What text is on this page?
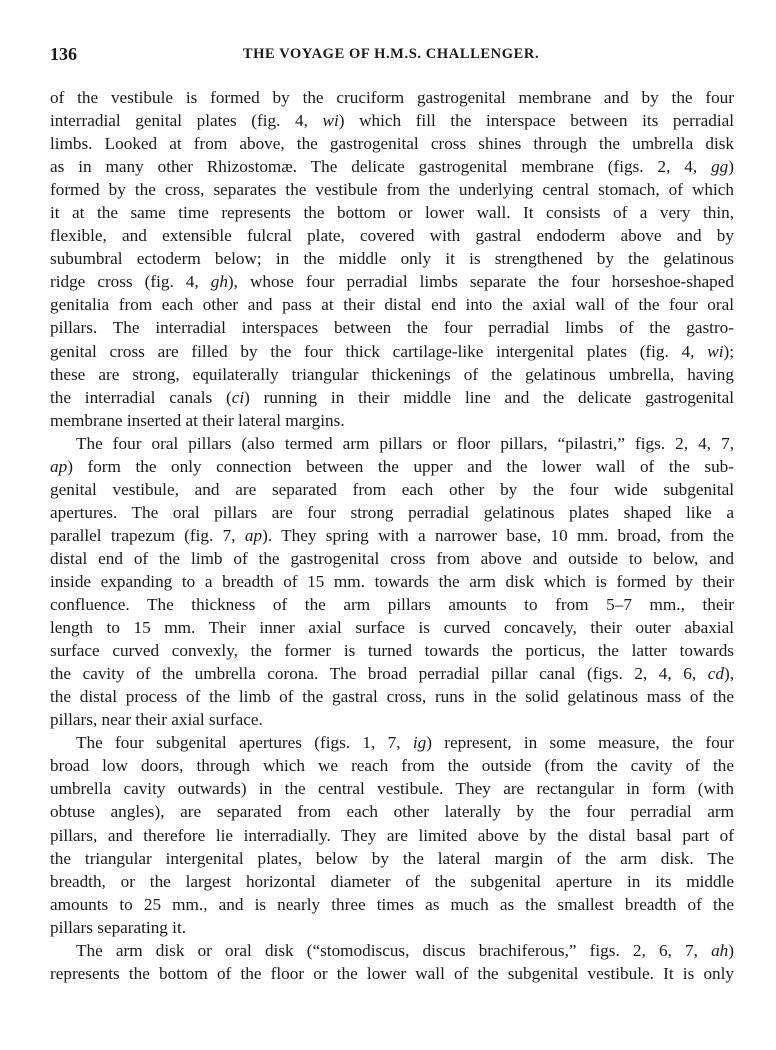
136	THE VOYAGE OF H.M.S. CHALLENGER.
of the vestibule is formed by the cruciform gastrogenital membrane and by the four
interradial genital plates (fig. 4, wi) which fill the interspace between its perradial
limbs. Looked at from above, the gastrogenital cross shines through the umbrella disk
as in many other Rhizostomæ. The delicate gastrogenital membrane (figs. 2, 4, gg)
formed by the cross, separates the vestibule from the underlying central stomach, of which
it at the same time represents the bottom or lower wall. It consists of a very thin,
flexible, and extensible fulcral plate, covered with gastral endoderm above and by
subumbral ectoderm below; in the middle only it is strengthened by the gelatinous
ridge cross (fig. 4, gh), whose four perradial limbs separate the four horseshoe-shaped
genitalia from each other and pass at their distal end into the axial wall of the four oral
pillars. The interradial interspaces between the four perradial limbs of the gastro-
genital cross are filled by the four thick cartilage-like intergenital plates (fig. 4, wi);
these are strong, equilaterally triangular thickenings of the gelatinous umbrella, having
the interradial canals (ci) running in their middle line and the delicate gastrogenital
membrane inserted at their lateral margins.
The four oral pillars (also termed arm pillars or floor pillars, “pilastri,” figs. 2, 4, 7,
ap) form the only connection between the upper and the lower wall of the sub-
genital vestibule, and are separated from each other by the four wide subgenital
apertures. The oral pillars are four strong perradial gelatinous plates shaped like a
parallel trapezum (fig. 7, ap). They spring with a narrower base, 10 mm. broad, from the
distal end of the limb of the gastrogenital cross from above and outside to below, and
inside expanding to a breadth of 15 mm. towards the arm disk which is formed by their
confluence. The thickness of the arm pillars amounts to from 5–7 mm., their
length to 15 mm. Their inner axial surface is curved concavely, their outer abaxial
surface curved convexly, the former is turned towards the porticus, the latter towards
the cavity of the umbrella corona. The broad perradial pillar canal (figs. 2, 4, 6, cd),
the distal process of the limb of the gastral cross, runs in the solid gelatinous mass of the
pillars, near their axial surface.
The four subgenital apertures (figs. 1, 7, ig) represent, in some measure, the four
broad low doors, through which we reach from the outside (from the cavity of the
umbrella cavity outwards) in the central vestibule. They are rectangular in form (with
obtuse angles), are separated from each other laterally by the four perradial arm
pillars, and therefore lie interradially. They are limited above by the distal basal part of
the triangular intergenital plates, below by the lateral margin of the arm disk. The
breadth, or the largest horizontal diameter of the subgenital aperture in its middle
amounts to 25 mm., and is nearly three times as much as the smallest breadth of the
pillars separating it.
The arm disk or oral disk (“stomodiscus, discus brachiferous,” figs. 2, 6, 7, ah)
represents the bottom of the floor or the lower wall of the subgenital vestibule. It is only
